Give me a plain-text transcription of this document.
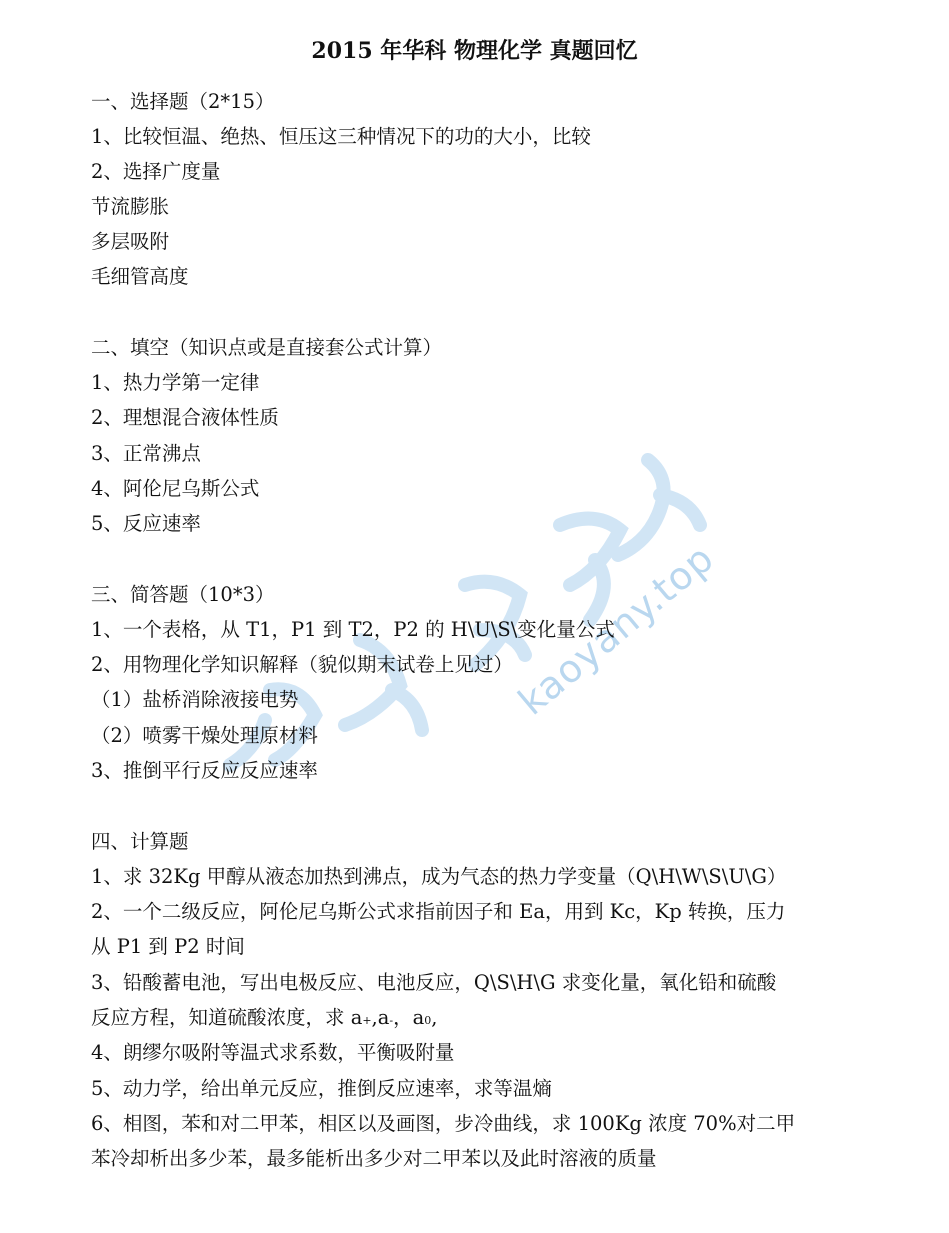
kaoyany.top
2015 年华科 物理化学 真题回忆
一、选择题（2*15）
1、比较恒温、绝热、恒压这三种情况下的功的大小，比较
2、选择广度量
节流膨胀
多层吸附
毛细管高度
二、填空（知识点或是直接套公式计算）
1、热力学第一定律
2、理想混合液体性质
3、正常沸点
4、阿伦尼乌斯公式
5、反应速率
三、简答题（10*3）
1、一个表格，从 T1，P1 到 T2，P2 的 H\U\S\变化量公式
2、用物理化学知识解释（貌似期末试卷上见过）
（1）盐桥消除液接电势
（2）喷雾干燥处理原材料
3、推倒平行反应反应速率
四、计算题
1、求 32Kg 甲醇从液态加热到沸点，成为气态的热力学变量（Q\H\W\S\U\G）
2、一个二级反应，阿伦尼乌斯公式求指前因子和 Ea，用到 Kc，Kp 转换，压力
从 P1 到 P2 时间
3、铅酸蓄电池，写出电极反应、电池反应，Q\S\H\G 求变化量，氧化铅和硫酸
反应方程，知道硫酸浓度，求 a+,a-，a0,
4、朗缪尔吸附等温式求系数，平衡吸附量
5、动力学，给出单元反应，推倒反应速率，求等温熵
6、相图，苯和对二甲苯，相区以及画图，步冷曲线，求 100Kg 浓度 70%对二甲
苯冷却析出多少苯，最多能析出多少对二甲苯以及此时溶液的质量
